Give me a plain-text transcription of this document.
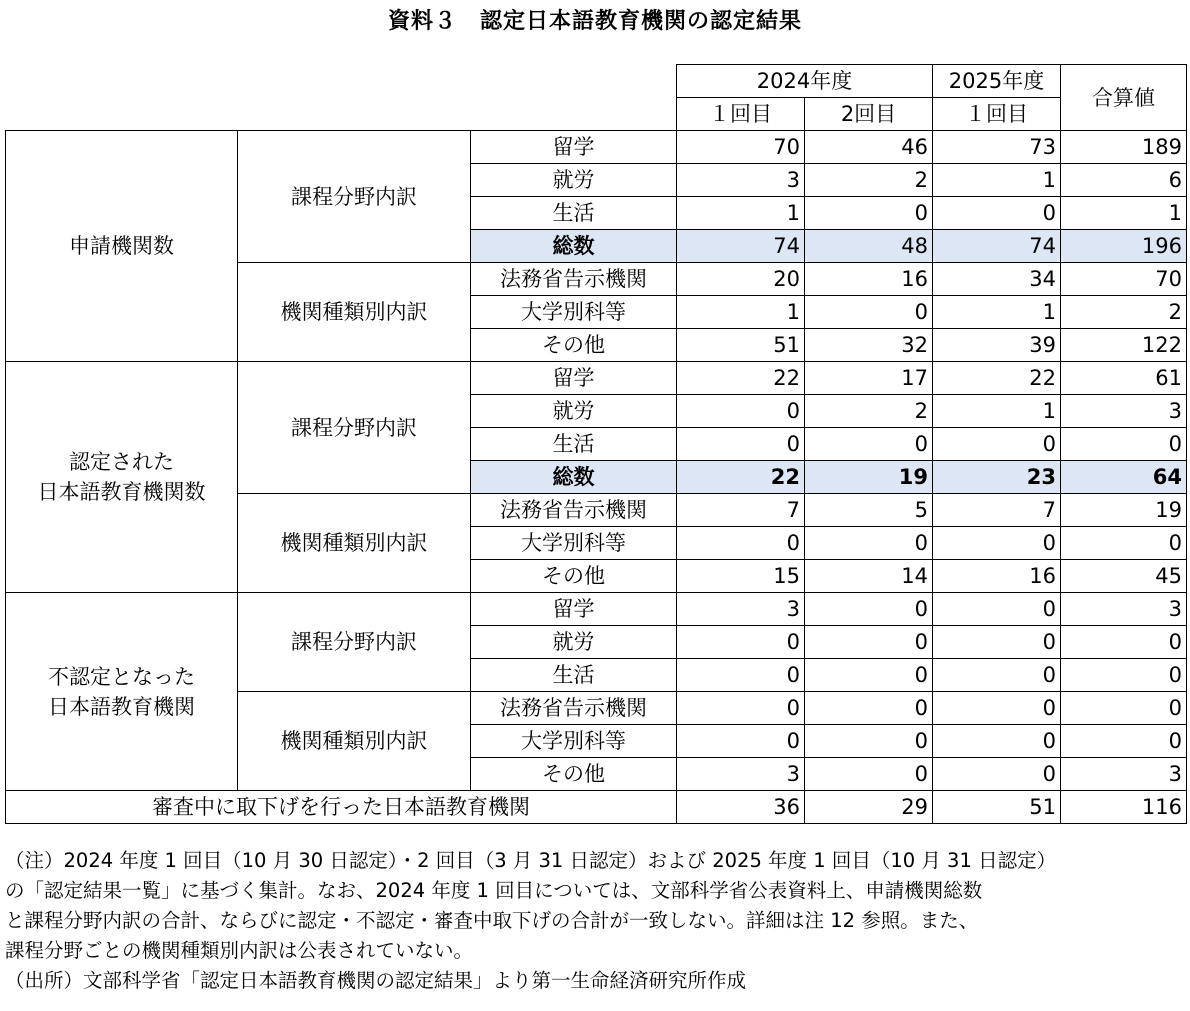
資料３　認定日本語教育機関の認定結果
			2024年度		2025年度	合算値
			１回目	2回目	１回目	
申請機関数	課程分野内訳	留学	70	46	73	189
		就労	3	2	1	6
		生活	1	0	0	1
		総数	74	48	74	196
	機関種類別内訳	法務省告示機関	20	16	34	70
		大学別科等	1	0	1	2
		その他	51	32	39	122
認定された
日本語教育機関数	課程分野内訳	留学	22	17	22	61
		就労	0	2	1	3
		生活	0	0	0	0
		総数	22	19	23	64
	機関種類別内訳	法務省告示機関	7	5	7	19
		大学別科等	0	0	0	0
		その他	15	14	16	45
不認定となった
日本語教育機関	課程分野内訳	留学	3	0	0	3
		就労	0	0	0	0
		生活	0	0	0	0
	機関種類別内訳	法務省告示機関	0	0	0	0
		大学別科等	0	0	0	0
		その他	3	0	0	3
審査中に取下げを行った日本語教育機関			36	29	51	116

（注）2024 年度 1 回目（10 月 30 日認定）・2 回目（3 月 31 日認定）および 2025 年度 1 回目（10 月 31 日認定）

の「認定結果一覧」に基づく集計。なお、2024 年度 1 回目については、文部科学省公表資料上、申請機関総数

と課程分野内訳の合計、ならびに認定・不認定・審査中取下げの合計が一致しない。詳細は注 12 参照。また、

課程分野ごとの機関種類別内訳は公表されていない。

（出所）文部科学省「認定日本語教育機関の認定結果」より第一生命経済研究所作成
